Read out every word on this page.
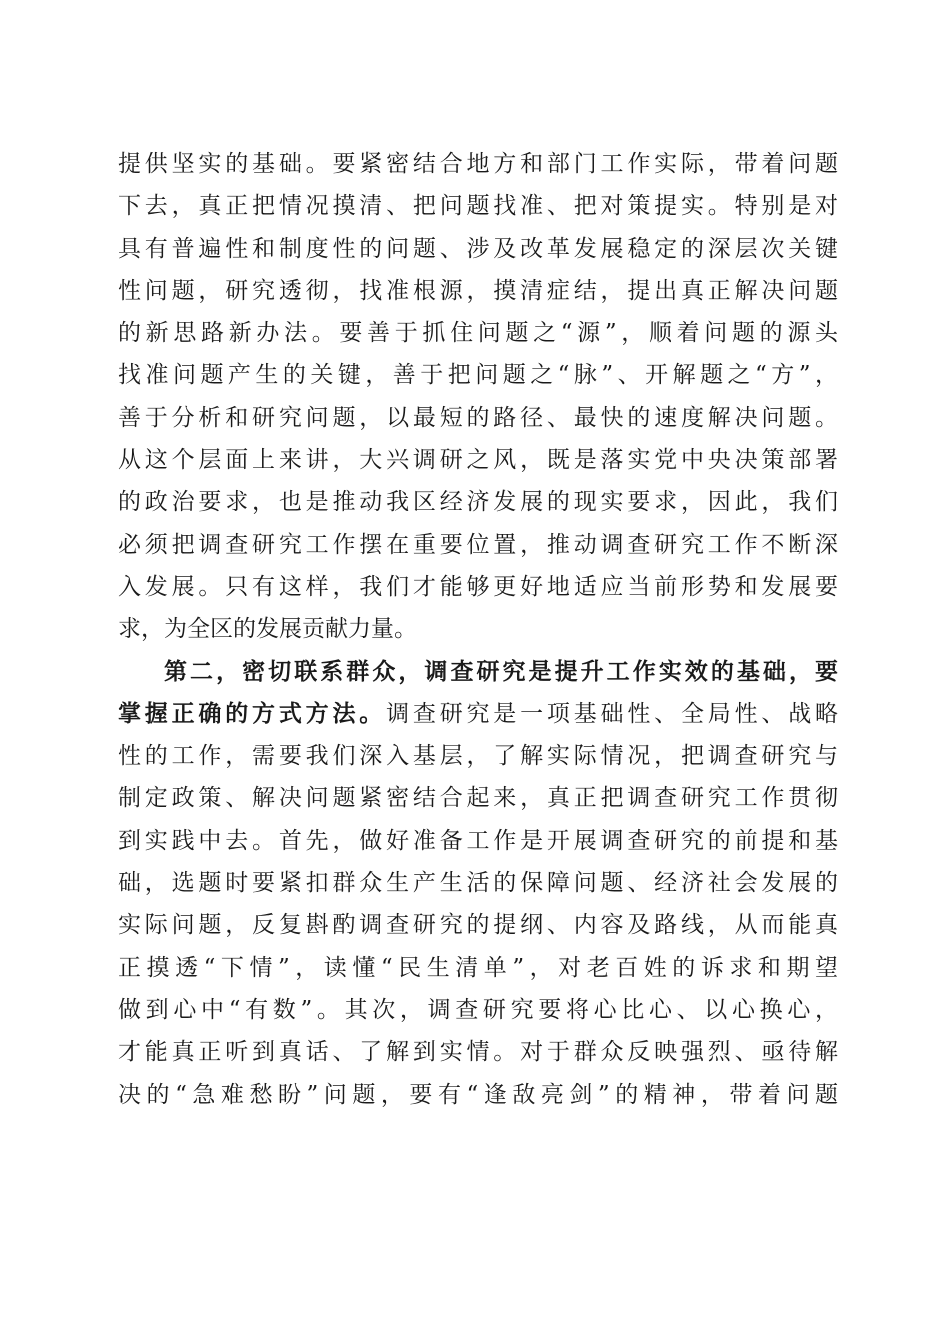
提供坚实的基础。要紧密结合地方和部门工作实际，带着问题
下去，真正把情况摸清、把问题找准、把对策提实。特别是对
具有普遍性和制度性的问题、涉及改革发展稳定的深层次关键
性问题，研究透彻，找准根源，摸清症结，提出真正解决问题
的新思路新办法。要善于抓住问题之“源”，顺着问题的源头
找准问题产生的关键，善于把问题之“脉”、开解题之“方”，
善于分析和研究问题，以最短的路径、最快的速度解决问题。
从这个层面上来讲，大兴调研之风，既是落实党中央决策部署
的政治要求，也是推动我区经济发展的现实要求，因此，我们
必须把调查研究工作摆在重要位置，推动调查研究工作不断深
入发展。只有这样，我们才能够更好地适应当前形势和发展要
求，为全区的发展贡献力量。
第二，密切联系群众，调查研究是提升工作实效的基础，要
掌握正确的方式方法。调查研究是一项基础性、全局性、战略
性的工作，需要我们深入基层，了解实际情况，把调查研究与
制定政策、解决问题紧密结合起来，真正把调查研究工作贯彻
到实践中去。首先，做好准备工作是开展调查研究的前提和基
础，选题时要紧扣群众生产生活的保障问题、经济社会发展的
实际问题，反复斟酌调查研究的提纲、内容及路线，从而能真
正摸透“下情”，读懂“民生清单”，对老百姓的诉求和期望
做到心中“有数”。其次，调查研究要将心比心、以心换心，
才能真正听到真话、了解到实情。对于群众反映强烈、亟待解
决的“急难愁盼”问题，要有“逢敌亮剑”的精神，带着问题
